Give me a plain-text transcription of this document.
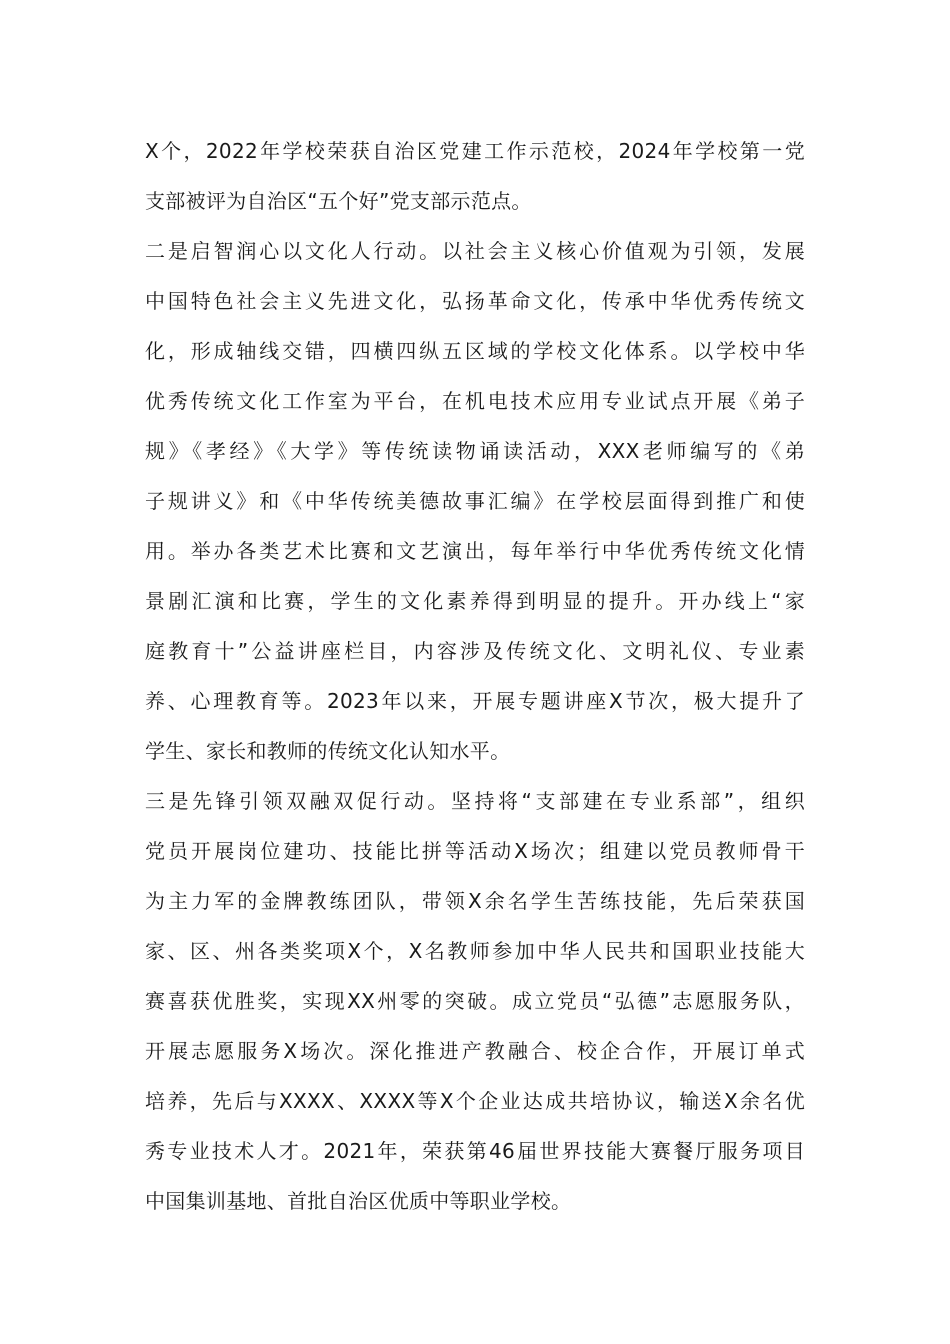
X个，2022年学校荣获自治区党建工作示范校，2024年学校第一党
支部被评为自治区“五个好”党支部示范点。
二是启智润心以文化人行动。以社会主义核心价值观为引领，发展
中国特色社会主义先进文化，弘扬革命文化，传承中华优秀传统文
化，形成轴线交错，四横四纵五区域的学校文化体系。以学校中华
优秀传统文化工作室为平台，在机电技术应用专业试点开展《弟子
规》《孝经》《大学》等传统读物诵读活动，XXX老师编写的《弟
子规讲义》和《中华传统美德故事汇编》在学校层面得到推广和使
用。举办各类艺术比赛和文艺演出，每年举行中华优秀传统文化情
景剧汇演和比赛，学生的文化素养得到明显的提升。开办线上“家
庭教育十”公益讲座栏目，内容涉及传统文化、文明礼仪、专业素
养、心理教育等。2023年以来，开展专题讲座X节次，极大提升了
学生、家长和教师的传统文化认知水平。
三是先锋引领双融双促行动。坚持将“支部建在专业系部”，组织
党员开展岗位建功、技能比拼等活动X场次；组建以党员教师骨干
为主力军的金牌教练团队，带领X余名学生苦练技能，先后荣获国
家、区、州各类奖项X个，X名教师参加中华人民共和国职业技能大
赛喜获优胜奖，实现XX州零的突破。成立党员“弘德”志愿服务队，
开展志愿服务X场次。深化推进产教融合、校企合作，开展订单式
培养，先后与XXXX、XXXX等X个企业达成共培协议，输送X余名优
秀专业技术人才。2021年，荣获第46届世界技能大赛餐厅服务项目
中国集训基地、首批自治区优质中等职业学校。
